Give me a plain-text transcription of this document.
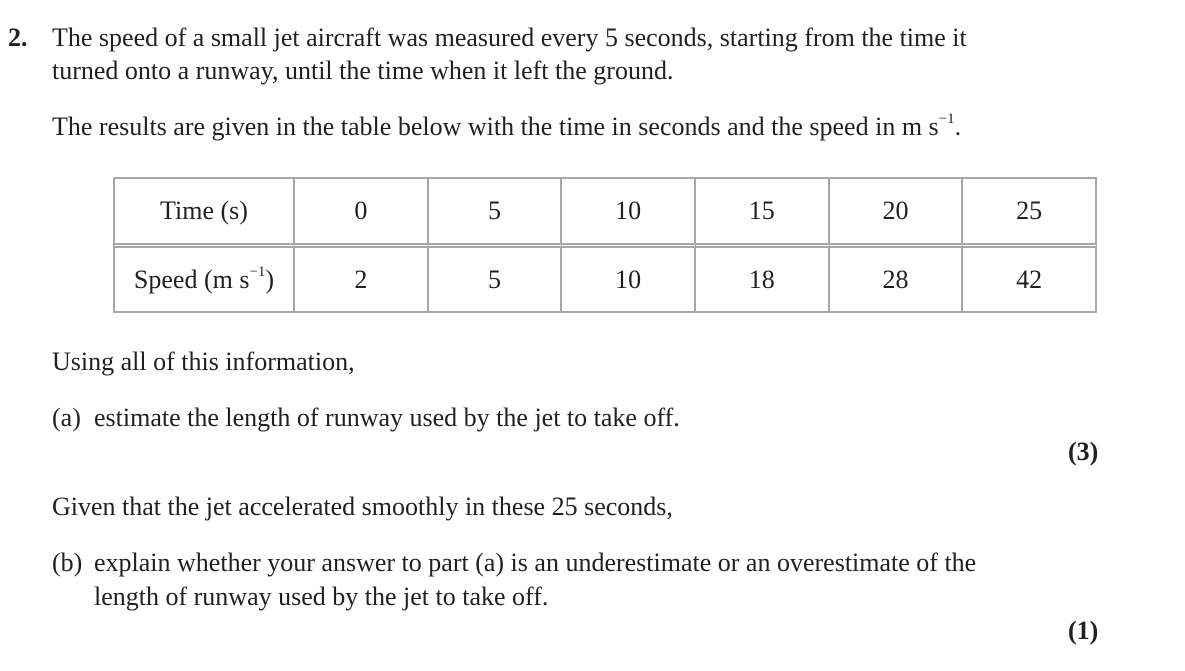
2. The speed of a small jet aircraft was measured every 5 seconds, starting from the time it
turned onto a runway, until the time when it left the ground.
The results are given in the table below with the time in seconds and the speed in m $s^{-1}$.
Time (s)	0	5	10	15	20	25
Speed (m $s^{-1}$)	2	5	10	18	28	42
Using all of this information,
(a) estimate the length of runway used by the jet to take off.
(3)
Given that the jet accelerated smoothly in these 25 seconds,
(b) explain whether your answer to part (a) is an underestimate or an overestimate of the
length of runway used by the jet to take off.
(1)
